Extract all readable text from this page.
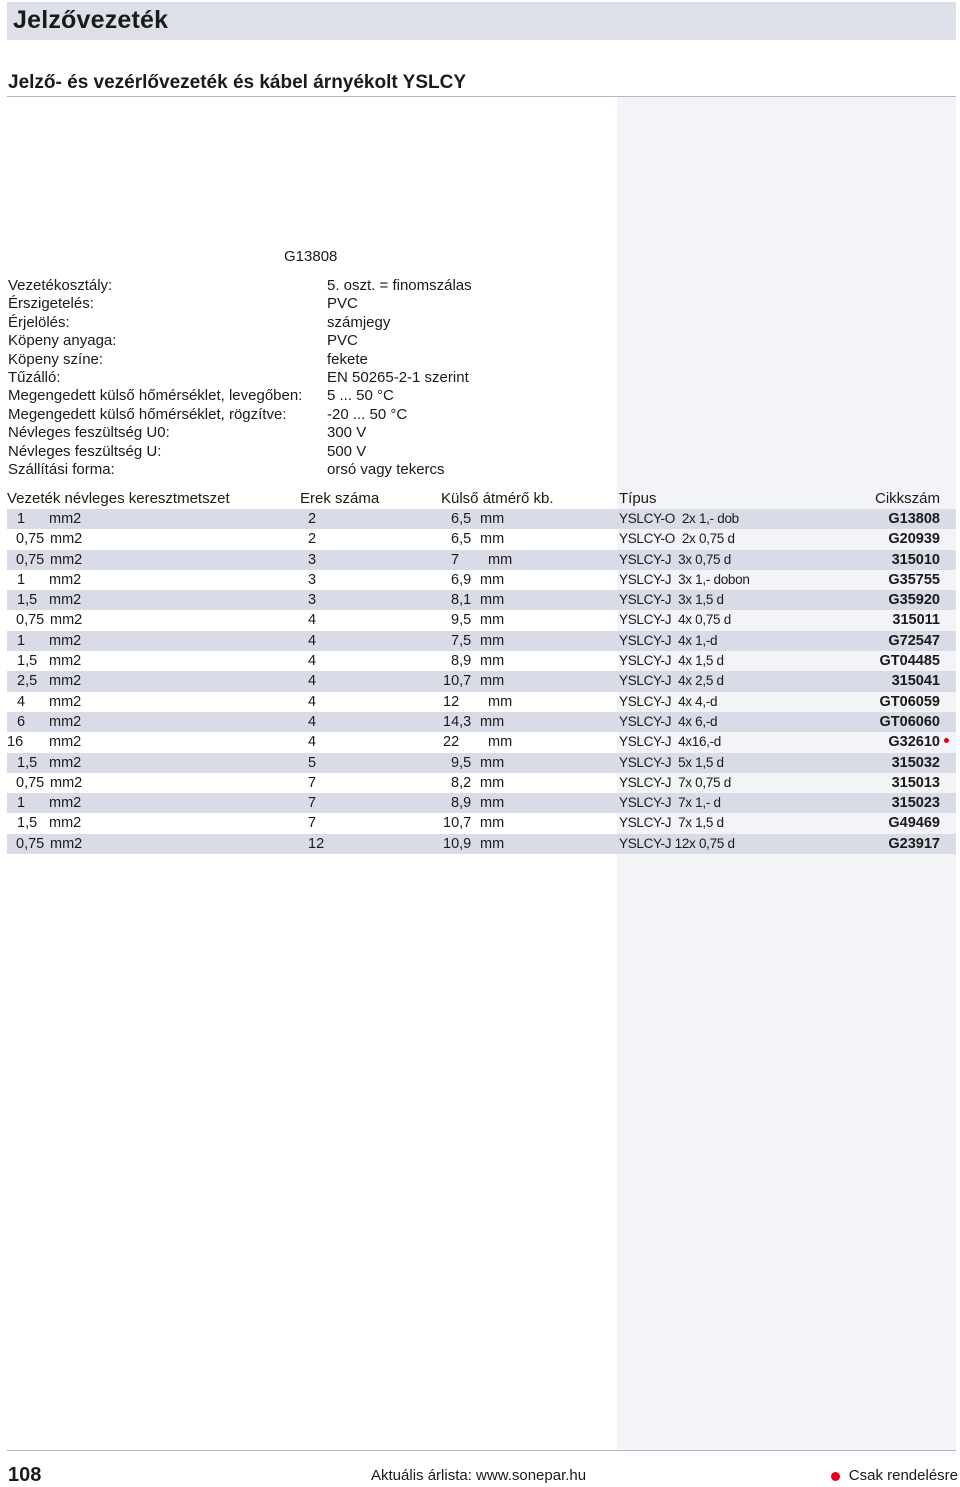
Jelzővezeték
Jelző- és vezérlővezeték és kábel árnyékolt YSLCY
G13808
Vezetékosztály:	5. oszt. = finomszálas
Érszigetelés:	PVC
Érjelölés:	számjegy
Köpeny anyaga:	PVC
Köpeny színe:	fekete
Tűzálló:	EN 50265-2-1 szerint
Megengedett külső hőmérséklet, levegőben: 5 ... 50 °C
Megengedett külső hőmérséklet, rögzítve:	-20 ... 50 °C
Névleges feszültség U0:	300 V
Névleges feszültség U:	500 V
Szállítási forma:	orsó vagy tekercs
Vezeték névleges keresztmetszet	Erek száma	Külső átmérő kb.	Típus	Cikkszám
1	mm2	2	6,5 mm	YSLCY-O  2x 1,- dob	G13808
0,75 mm2	2	6,5 mm	YSLCY-O  2x 0,75 d	G20939
0,75 mm2	3	7 mm	YSLCY-J  3x 0,75 d	315010
1	mm2	3	6,9 mm	YSLCY-J  3x 1,- dobon	G35755
1,5 mm2	3	8,1 mm	YSLCY-J  3x 1,5 d	G35920
0,75 mm2	4	9,5 mm	YSLCY-J  4x 0,75 d	315011
1	mm2	4	7,5 mm	YSLCY-J  4x 1,-d	G72547
1,5 mm2	4	8,9 mm	YSLCY-J  4x 1,5 d	GT04485
2,5 mm2	4	10,7 mm	YSLCY-J  4x 2,5 d	315041
4	mm2	4	12 mm	YSLCY-J  4x 4,-d	GT06059
6	mm2	4	14,3 mm	YSLCY-J  4x 6,-d	GT06060
16	mm2	4	22 mm	YSLCY-J  4x16,-d	G32610
1,5 mm2	5	9,5 mm	YSLCY-J  5x 1,5 d	315032
0,75 mm2	7	8,2 mm	YSLCY-J  7x 0,75 d	315013
1	mm2	7	8,9 mm	YSLCY-J  7x 1,- d	315023
1,5 mm2	7	10,7 mm	YSLCY-J  7x 1,5 d	G49469
0,75 mm2	12	10,9 mm	YSLCY-J 12x 0,75 d	G23917
108	Aktuális árlista: www.sonepar.hu	Csak rendelésre
